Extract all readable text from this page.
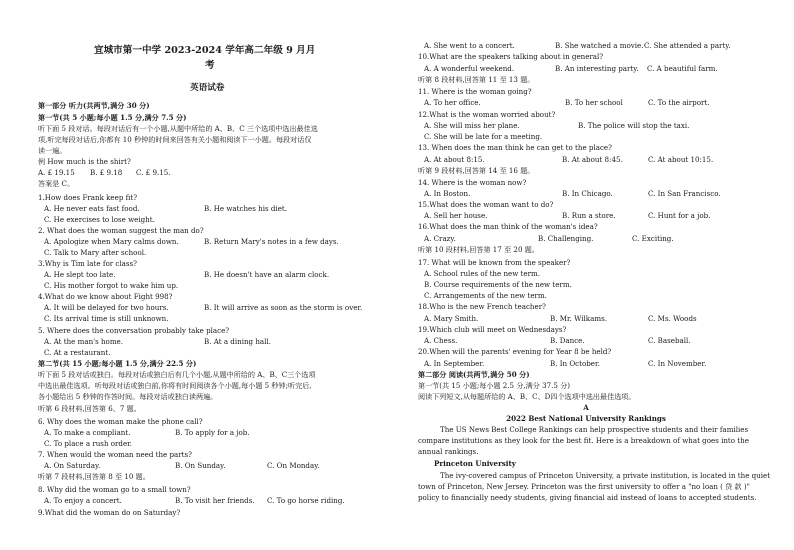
宜城市第一中学 2023-2024 学年高二年级 9 月月
考
英语试卷
第一部分 听力(共两节,满分 30 分)
第一节(共 5 小题;每小题 1.5 分,满分 7.5 分)
听下面 5 段对话。每段对话后有一个小题,从题中所给的 A、B、C 三个选项中选出最佳选
项,听完每段对话后,你都有 10 秒钟的时间来回答有关小题和阅读下一小题。每段对话仅
读一遍。
例 How much is the shirt?
A. £ 19.15 B. £ 9.18 C. £ 9.15.
答案是 C。
1.How does Frank keep fit?
A. He never eats fast food.	B. He watches his diet.
C. He exercises to lose weight.
2. What does the woman suggest the man do?
A. Apologize when Mary calms down.	B. Return Mary's notes in a few days.
C. Talk to Mary after school.
3.Why is Tim late for class?
A. He slept too late.	B. He doesn't have an alarm clock.
C. His mother forgot to wake him up.
4.What do we know about Fight 998?
A. It will be delayed for two hours.	B. It will arrive as soon as the storm is over.
C. Its arrival time is still unknown.
5. Where does the conversation probably take place?
A. At the man's home.	B. At a dining hall.
C. At a restaurant.
第二节(共 15 小题;每小题 1.5 分,满分 22.5 分)
听下面 5 段对话或独白。每段对话或独白后有几个小题,从题中所给的 A、B、C三个选项
中选出最佳选项。听每段对话或独白前,你将有时间阅读各个小题,每小题 5 秒钟;听完后,
各小题给出 5 秒钟的作答时间。每段对话或独白读两遍。
听第 6 段材料,回答第 6、7 题。
6. Why does the woman make the phone call?
A. To make a compliant.	B. To apply for a job.
C. To place a rush order.
7. When would the woman need the parts?
A. On Saturday.	B. On Sunday.	C. On Monday.
听第 7 段材料,回答第 8 至 10 题。
8. Why did the woman go to a small town?
A. To enjoy a concert.	B. To visit her friends. C. To go horse riding.
9.What did the woman do on Saturday?
A. She went to a concert.	B. She watched a movie. C. She attended a party.
10.What are the speakers talking about in general?
A. A wonderful weekend.	B. An interesting party. C. A beautiful farm.
听第 8 段材料,回答第 11 至 13 题。
11. Where is the woman going?
A. To her office.	B. To her school	C. To the airport.
12.What is the woman worried about?
A. She will miss her plane.	B. The police will stop the taxi.
C. She will be late for a meeting.
13. When does the man think he can get to the place?
A. At about 8:15.	B. At about 8:45.	C. At about 10:15.
听第 9 段材料,回答第 14 至 16 题。
14. Where is the woman now?
A. In Boston.	B. In Chicago.	C. In San Francisco.
15.What does the woman want to do?
A. Sell her house.	B. Run a store.	C. Hunt for a job.
16.What does the man think of the woman's idea?
A. Crazy.	B. Challenging.	C. Exciting.
听第 10 段材料,回答第 17 至 20 题。
17. What will be known from the speaker?
A. School rules of the new term.
B. Course requirements of the new term.
C. Arrangements of the new term.
18.Who is the new French teacher?
A. Mary Smith.	B. Mr. Wilkams.	C. Ms. Woods
19.Which club will meet on Wednesdays?
A. Chess.	B. Dance.	C. Baseball.
20.When will the parents' evening for Year 8 be held?
A. In September.	B. In October.	C. In November.
第二部分 阅读(共两节,满分 50 分)
第一节(共 15 小题;每小题 2.5 分,满分 37.5 分)
阅读下列短文,从每题所给的 A、B、C、D四个选项中选出最佳选项。
A
2022 Best National University Rankings
The US News Best College Rankings can help prospective students and their families
compare institutions as they look for the best fit. Here is a breakdown of what goes into the
annual rankings.
Princeton University
The ivy-covered campus of Princeton University, a private institution, is located in the quiet
town of Princeton, New Jersey. Princeton was the first university to offer a "no loan ( 贷 款 )"
policy to financially needy students, giving financial aid instead of loans to accepted students.
